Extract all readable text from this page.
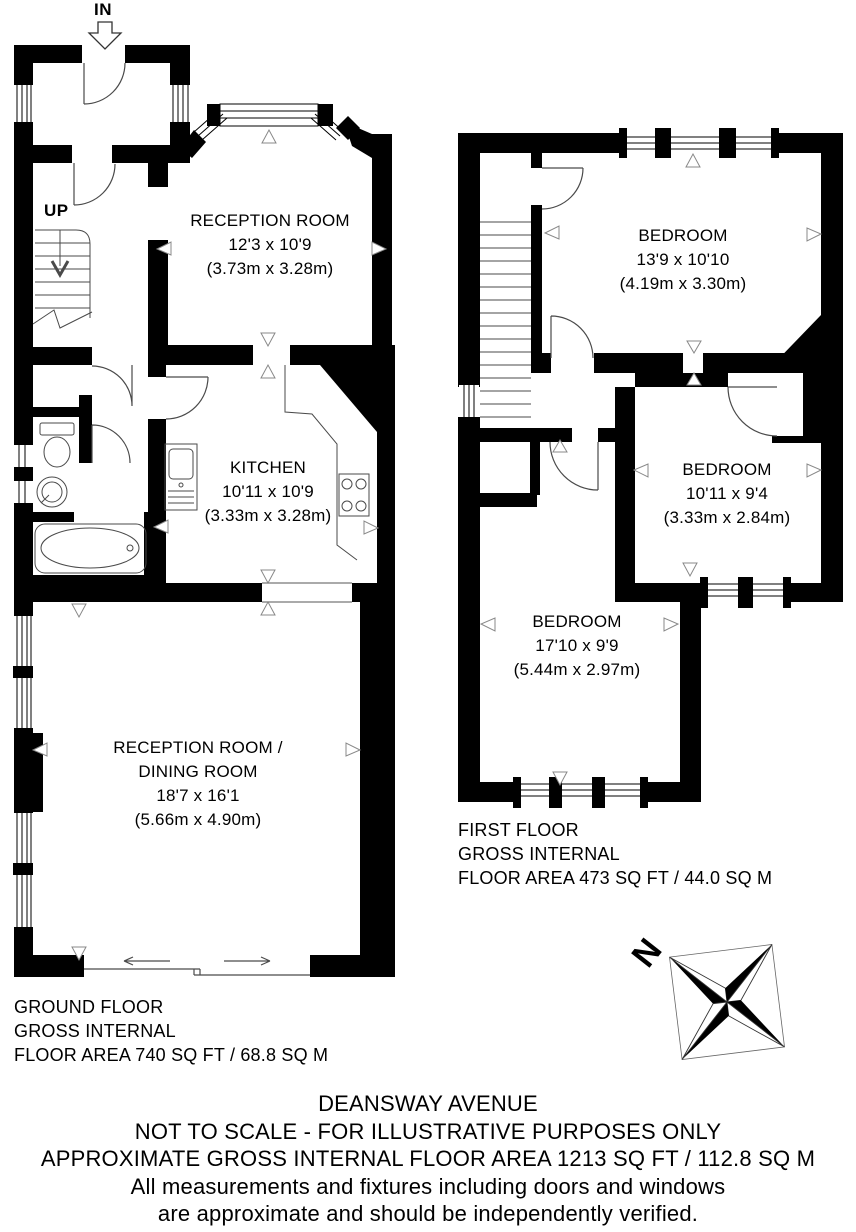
N
IN
UP
RECEPTION ROOM
12'3 x 10'9
(3.73m x 3.28m)
KITCHEN
10'11 x 10'9
(3.33m x 3.28m)
RECEPTION ROOM / DINING ROOM
18'7 x 16'1
(5.66m x 4.90m)
BEDROOM
13'9 x 10'10
(4.19m x 3.30m)
BEDROOM
10'11 x 9'4
(3.33m x 2.84m)
BEDROOM
17'10 x 9'9
(5.44m x 2.97m)
GROUND FLOOR
GROSS INTERNAL
FLOOR AREA 740 SQ FT / 68.8 SQ M
FIRST FLOOR
GROSS INTERNAL
FLOOR AREA 473 SQ FT / 44.0 SQ M
DEANSWAY AVENUE
NOT TO SCALE - FOR ILLUSTRATIVE PURPOSES ONLY
APPROXIMATE GROSS INTERNAL FLOOR AREA 1213 SQ FT / 112.8 SQ M
All measurements and fixtures including doors and windows
are approximate and should be independently verified.
